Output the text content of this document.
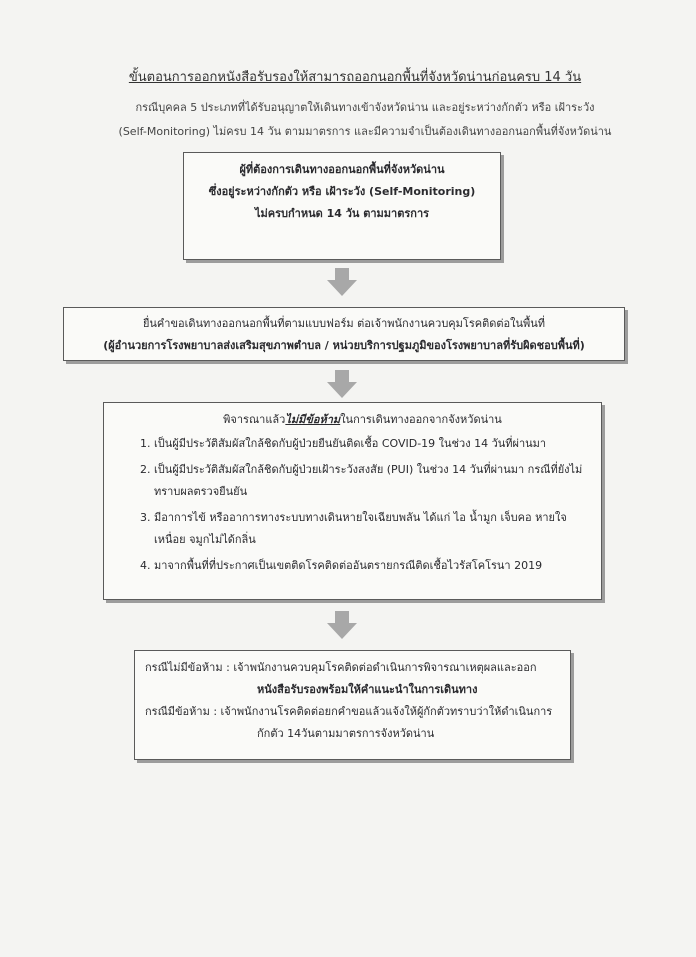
ขั้นตอนการออกหนังสือรับรองให้สามารถออกนอกพื้นที่จังหวัดน่านก่อนครบ 14 วัน
กรณีบุคคล 5 ประเภทที่ได้รับอนุญาตให้เดินทางเข้าจังหวัดน่าน และอยู่ระหว่างกักตัว หรือ เฝ้าระวัง
(Self-Monitoring) ไม่ครบ 14 วัน ตามมาตรการ และมีความจำเป็นต้องเดินทางออกนอกพื้นที่จังหวัดน่าน

ผู้ที่ต้องการเดินทางออกนอกพื้นที่จังหวัดน่าน

ซึ่งอยู่ระหว่างกักตัว หรือ เฝ้าระวัง (Self-Monitoring)

ไม่ครบกำหนด 14 วัน ตามมาตรการ

ยื่นคำขอเดินทางออกนอกพื้นที่ตามแบบฟอร์ม ต่อเจ้าพนักงานควบคุมโรคติดต่อในพื้นที่

(ผู้อำนวยการโรงพยาบาลส่งเสริมสุขภาพตำบล / หน่วยบริการปฐมภูมิของโรงพยาบาลที่รับผิดชอบพื้นที่)

พิจารณาแล้วไม่มีข้อห้ามในการเดินทางออกจากจังหวัดน่าน
1. เป็นผู้มีประวัติสัมผัสใกล้ชิดกับผู้ป่วยยืนยันติดเชื้อ COVID-19 ในช่วง 14 วันที่ผ่านมา
2. เป็นผู้มีประวัติสัมผัสใกล้ชิดกับผู้ป่วยเฝ้าระวังสงสัย (PUI) ในช่วง 14 วันที่ผ่านมา กรณีที่ยังไม่ทราบผลตรวจยืนยัน
3. มีอาการไข้ หรืออาการทางระบบทางเดินหายใจเฉียบพลัน ได้แก่ ไอ น้ำมูก เจ็บคอ หายใจเหนื่อย จมูกไม่ได้กลิ่น
4. มาจากพื้นที่ที่ประกาศเป็นเขตติดโรคติดต่ออันตรายกรณีติดเชื้อไวรัสโคโรนา 2019
กรณีไม่มีข้อห้าม : เจ้าพนักงานควบคุมโรคติดต่อดำเนินการพิจารณาเหตุผลและออก
หนังสือรับรองพร้อมให้คำแนะนำในการเดินทาง
กรณีมีข้อห้าม : เจ้าพนักงานโรคติดต่อยกคำขอแล้วแจ้งให้ผู้กักตัวทราบว่าให้ดำเนินการ
กักตัว 14วันตามมาตรการจังหวัดน่าน
